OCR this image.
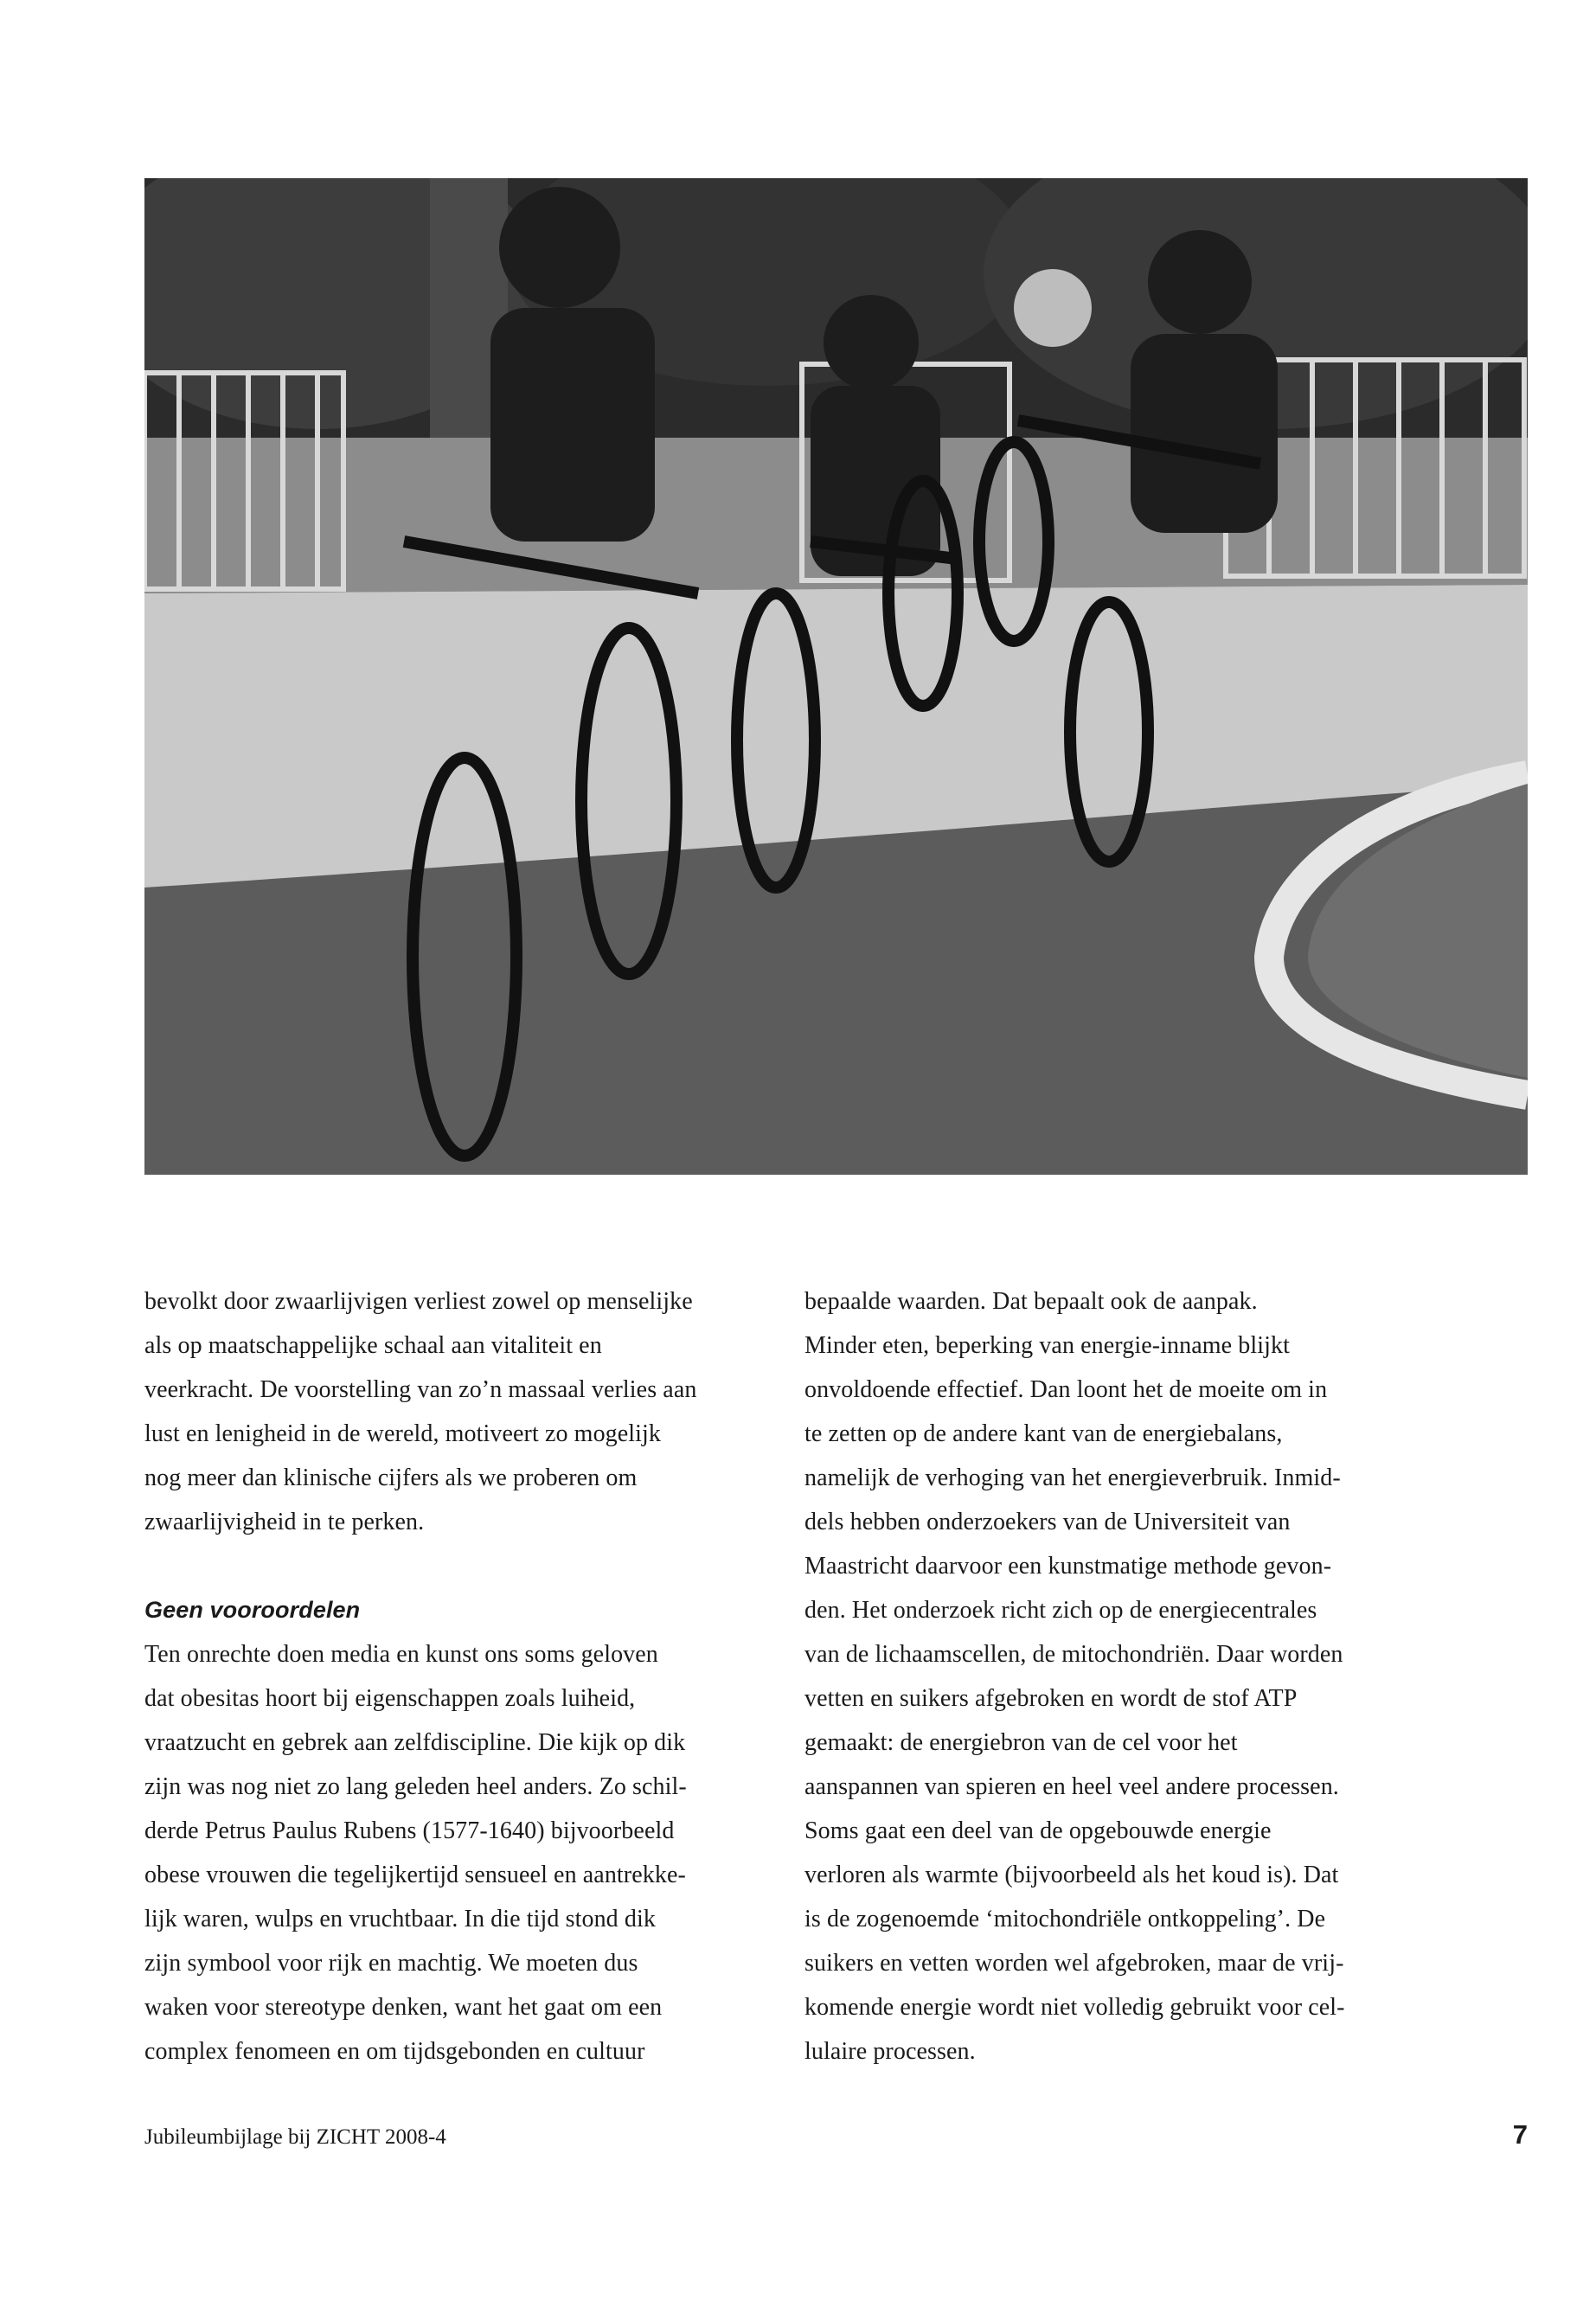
bevolkt door zwaarlijvigen verliest zowel op menselijke
als op maatschappelijke schaal aan vitaliteit en
veerkracht. De voorstelling van zo’n massaal verlies aan
lust en lenigheid in de wereld, motiveert zo mogelijk
nog meer dan klinische cijfers als we proberen om
zwaarlijvigheid in te perken.
Geen vooroordelen
Ten onrechte doen media en kunst ons soms geloven
dat obesitas hoort bij eigenschappen zoals luiheid,
vraatzucht en gebrek aan zelfdiscipline. Die kijk op dik
zijn was nog niet zo lang geleden heel anders. Zo schil-
derde Petrus Paulus Rubens (1577-1640) bijvoorbeeld
obese vrouwen die tegelijkertijd sensueel en aantrekke-
lijk waren, wulps en vruchtbaar. In die tijd stond dik
zijn symbool voor rijk en machtig. We moeten dus
waken voor stereotype denken, want het gaat om een
complex fenomeen en om tijdsgebonden en cultuur
bepaalde waarden. Dat bepaalt ook de aanpak.
Minder eten, beperking van energie-inname blijkt
onvoldoende effectief. Dan loont het de moeite om in
te zetten op de andere kant van de energiebalans,
namelijk de verhoging van het energieverbruik. Inmid-
dels hebben onderzoekers van de Universiteit van
Maastricht daarvoor een kunstmatige methode gevon-
den. Het onderzoek richt zich op de energiecentrales
van de lichaamscellen, de mitochondriën. Daar worden
vetten en suikers afgebroken en wordt de stof ATP
gemaakt: de energiebron van de cel voor het
aanspannen van spieren en heel veel andere processen.
Soms gaat een deel van de opgebouwde energie
verloren als warmte (bijvoorbeeld als het koud is). Dat
is de zogenoemde ‘mitochondriële ontkoppeling’. De
suikers en vetten worden wel afgebroken, maar de vrij-
komende energie wordt niet volledig gebruikt voor cel-
lulaire processen.
Jubileumbijlage bij ZICHT 2008-4	7
